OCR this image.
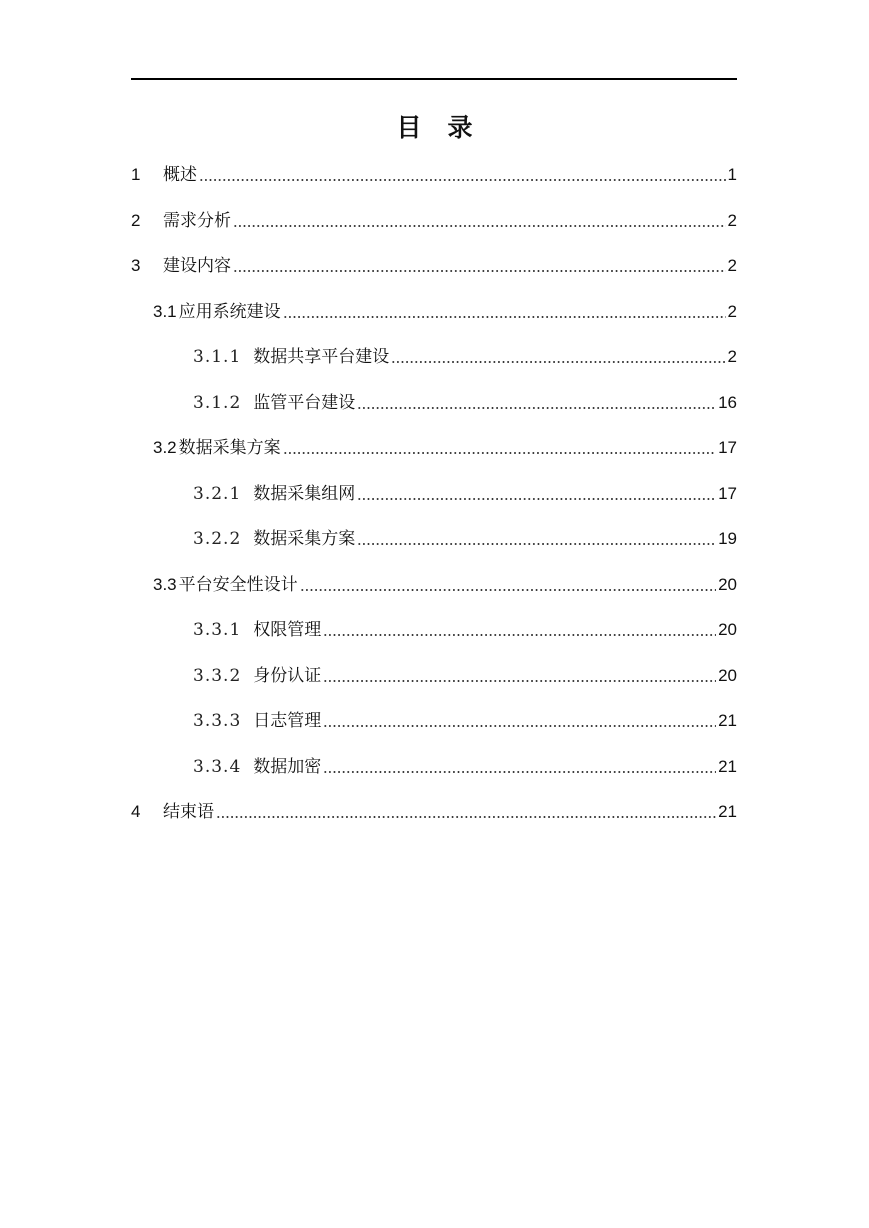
目 录
1	概述	1
2	需求分析	2
3	建设内容	2
3.1 应用系统建设	2
3.1.1 数据共享平台建设	2
3.1.2 监管平台建设	16
3.2 数据采集方案	17
3.2.1 数据采集组网	17
3.2.2 数据采集方案	19
3.3 平台安全性设计	20
3.3.1 权限管理	20
3.3.2 身份认证	20
3.3.3 日志管理	21
3.3.4 数据加密	21
4	结束语	21
